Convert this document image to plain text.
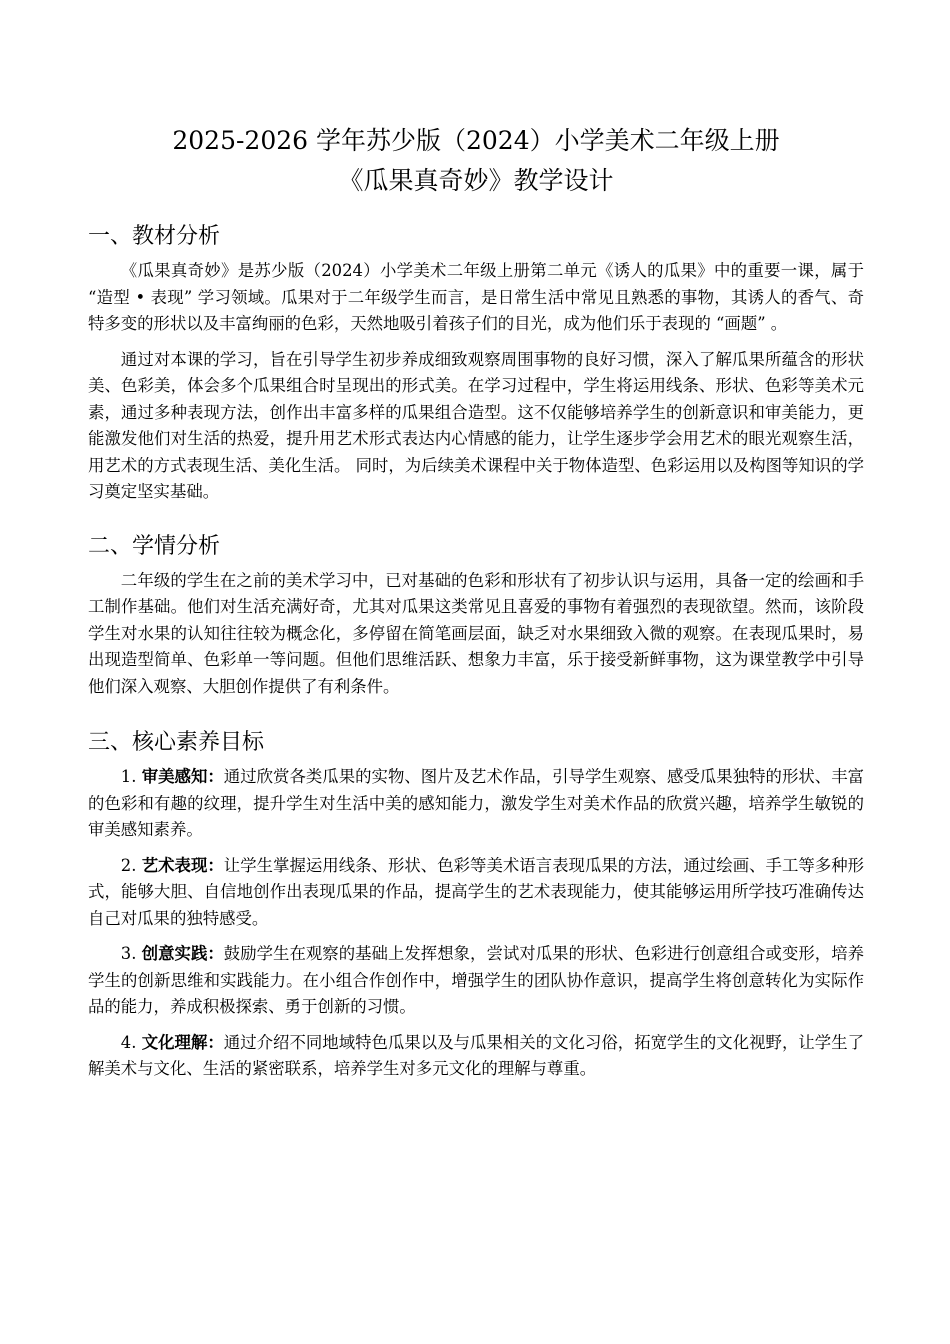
2025-2026 学年苏少版（2024）小学美术二年级上册
《瓜果真奇妙》教学设计
一、教材分析

《瓜果真奇妙》是苏少版（2024）小学美术二年级上册第二单元《诱人的瓜果》中的重要一课，属于 “造型 • 表现” 学习领域。瓜果对于二年级学生而言，是日常生活中常见且熟悉的事物，其诱人的香气、奇特多变的形状以及丰富绚丽的色彩，天然地吸引着孩子们的目光，成为他们乐于表现的 “画题” 。

通过对本课的学习，旨在引导学生初步养成细致观察周围事物的良好习惯，深入了解瓜果所蕴含的形状美、色彩美，体会多个瓜果组合时呈现出的形式美。在学习过程中，学生将运用线条、形状、色彩等美术元素，通过多种表现方法，创作出丰富多样的瓜果组合造型。这不仅能够培养学生的创新意识和审美能力，更能激发他们对生活的热爱，提升用艺术形式表达内心情感的能力，让学生逐步学会用艺术的眼光观察生活，用艺术的方式表现生活、美化生活。 同时，为后续美术课程中关于物体造型、色彩运用以及构图等知识的学习奠定坚实基础。

二、学情分析

二年级的学生在之前的美术学习中，已对基础的色彩和形状有了初步认识与运用，具备一定的绘画和手工制作基础。他们对生活充满好奇，尤其对瓜果这类常见且喜爱的事物有着强烈的表现欲望。然而，该阶段学生对水果的认知往往较为概念化，多停留在简笔画层面，缺乏对水果细致入微的观察。在表现瓜果时，易出现造型简单、色彩单一等问题。但他们思维活跃、想象力丰富，乐于接受新鲜事物，这为课堂教学中引导他们深入观察、大胆创作提供了有利条件。

三、核心素养目标

1. 审美感知：通过欣赏各类瓜果的实物、图片及艺术作品，引导学生观察、感受瓜果独特的形状、丰富的色彩和有趣的纹理，提升学生对生活中美的感知能力，激发学生对美术作品的欣赏兴趣，培养学生敏锐的审美感知素养。

2. 艺术表现：让学生掌握运用线条、形状、色彩等美术语言表现瓜果的方法，通过绘画、手工等多种形式，能够大胆、自信地创作出表现瓜果的作品，提高学生的艺术表现能力，使其能够运用所学技巧准确传达自己对瓜果的独特感受。

3. 创意实践：鼓励学生在观察的基础上发挥想象，尝试对瓜果的形状、色彩进行创意组合或变形，培养学生的创新思维和实践能力。在小组合作创作中，增强学生的团队协作意识，提高学生将创意转化为实际作品的能力，养成积极探索、勇于创新的习惯。

4. 文化理解：通过介绍不同地域特色瓜果以及与瓜果相关的文化习俗，拓宽学生的文化视野，让学生了解美术与文化、生活的紧密联系，培养学生对多元文化的理解与尊重。
